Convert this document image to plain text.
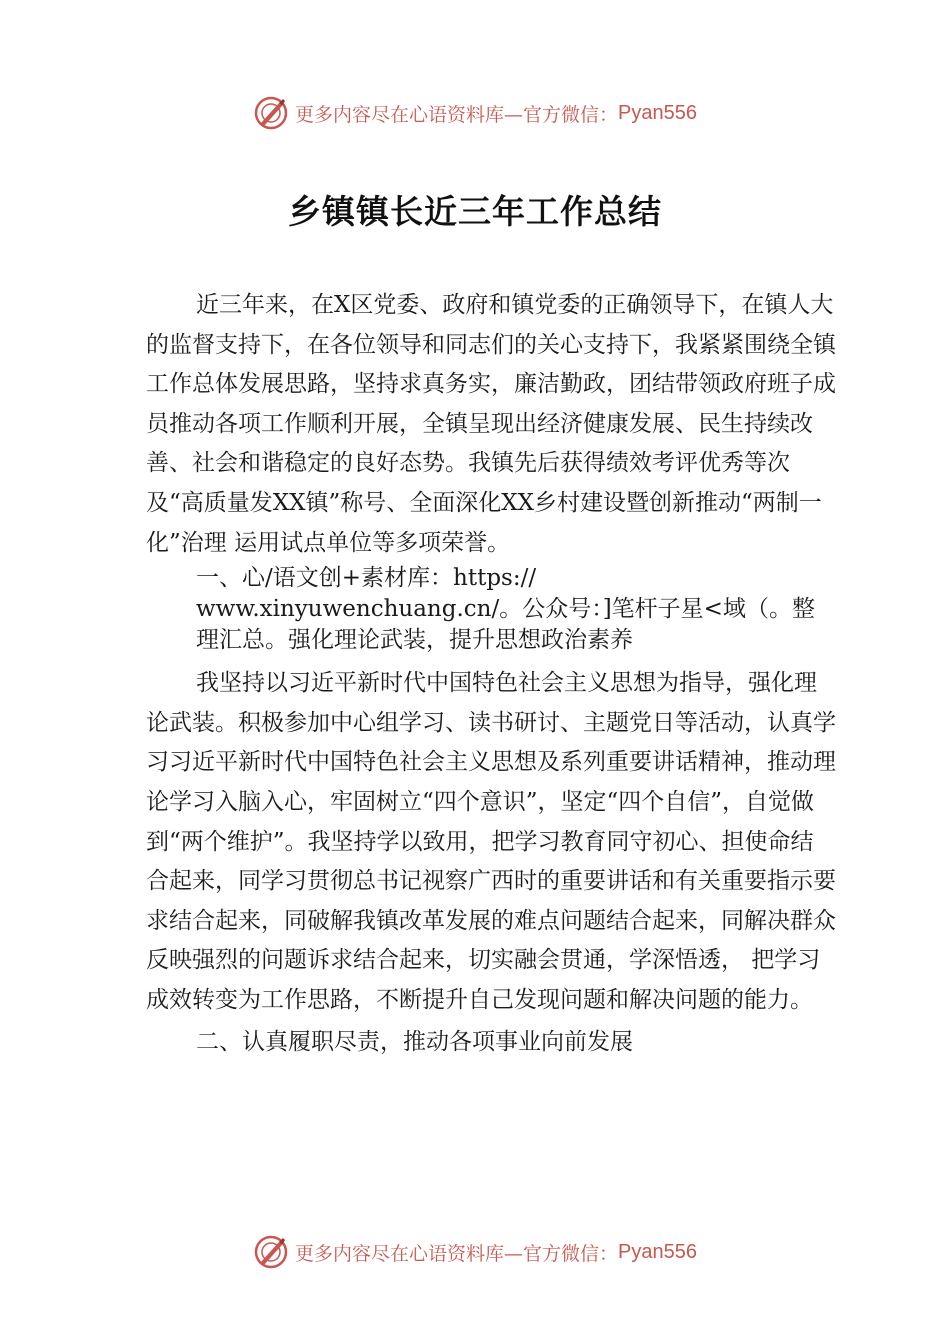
更多内容尽在心语资料库—官方微信： Pyan556
乡镇镇长近三年工作总结

近三年来，在X区党委、政府和镇党委的正确领导下，在镇人大的监督支持下，在各位领导和同志们的关心支持下，我紧紧围绕全镇工作总体发展思路，坚持求真务实，廉洁勤政，团结带领政府班子成员推动各项工作顺利开展，全镇呈现出经济健康发展、民生持续改善、社会和谐稳定的良好态势。我镇先后获得绩效考评优秀等次及“高质量发XX镇”称号、全面深化XX乡村建设暨创新推动“两制一化”治理 运用试点单位等多项荣誉。

一、心/语文创+素材库：https:// www.xinyuwenchuang.cn/。公众号：]笔杆子星<域（。整理汇总。强化理论武装，提升思想政治素养

我坚持以习近平新时代中国特色社会主义思想为指导，强化理论武装。积极参加中心组学习、读书研讨、主题党日等活动，认真学习习近平新时代中国特色社会主义思想及系列重要讲话精神，推动理论学习入脑入心，牢固树立“四个意识”，坚定“四个自信”，自觉做到“两个维护”。我坚持学以致用，把学习教育同守初心、担使命结合起来，同学习贯彻总书记视察广西时的重要讲话和有关重要指示要求结合起来，同破解我镇改革发展的难点问题结合起来，同解决群众反映强烈的问题诉求结合起来，切实融会贯通，学深悟透， 把学习成效转变为工作思路，不断提升自己发现问题和解决问题的能力。

二、认真履职尽责，推动各项事业向前发展

更多内容尽在心语资料库—官方微信： Pyan556
